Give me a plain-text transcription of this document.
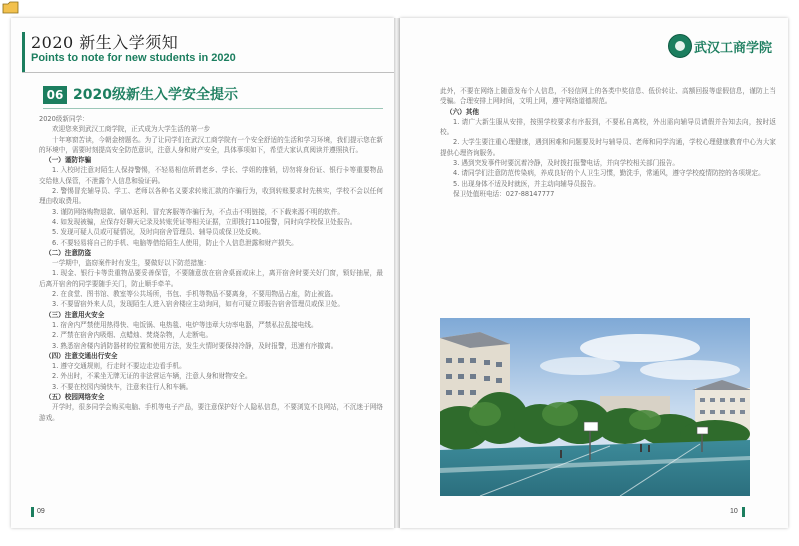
2020 新生入学须知
Points to note for new students in 2020
06 2020级新生入学安全提示

2020级新同学：

欢迎您来到武汉工商学院，正式成为大学生活的第一步

十年寒窗苦读，今朝金榜题名。为了让同学们在武汉工商学院有一个安全舒适的生活和学习环境，我们提示您在新的环境中，需要时刻提高安全防范意识，注意人身和财产安全，具体事项如下，希望大家认真阅读并遵照执行。

（一）谨防诈骗

1. 入校时注意对陌生人保持警惕，不轻易相信所谓老乡、学长、学姐的推销，切勿将身份证、银行卡等重要物品交给他人保管，不泄露个人信息和验证码。

2. 警惕冒充辅导员、学工、老师以各种名义要求转账汇款的诈骗行为，收到转账要求时先核实，学校不会以任何理由收取费用。

3. 谨防网络购物退款、刷单返利、冒充客服等诈骗行为，不点击不明链接，不下载来源不明的软件。

4. 如发现被骗，应保存好聊天记录及转账凭证等相关证据，立即拨打110报警，同时向学校保卫处报告。

5. 发现可疑人员或可疑情况，及时向宿舍管理员、辅导员或保卫处反映。

6. 不要轻易将自己的手机、电脑等借给陌生人使用，防止个人信息泄露和财产损失。

（二）注意防盗

一学期中，盗窃案件时有发生，要做好以下防范措施：

1. 现金、银行卡等贵重物品要妥善保管，不要随意放在宿舍桌面或床上，离开宿舍时要关好门窗，锁好抽屉，最后离开宿舍的同学要随手关门，防止顺手牵羊。

2. 在食堂、图书馆、教室等公共场所，书包、手机等物品不要离身，不要用物品占座，防止被盗。

3. 不要留宿外来人员，发现陌生人进入宿舍楼应主动询问，如有可疑立即报告宿舍管理员或保卫处。

（三）注意用火安全

1. 宿舍内严禁使用热得快、电饭锅、电热毯、电炉等违章大功率电器，严禁私拉乱接电线。

2. 严禁在宿舍内吸烟、点蜡烛、焚烧杂物，人走断电。

3. 熟悉宿舍楼内消防器材的位置和使用方法，发生火情时要保持冷静，及时报警，迅速有序撤离。

（四）注意交通出行安全

1. 遵守交通规则，行走时不要边走边看手机。

2. 外出时，不乘坐无牌无证的非法营运车辆，注意人身和财物安全。

3. 不要在校园内骑快车，注意来往行人和车辆。

（五）校园网络安全

开学时，很多同学会购买电脑、手机等电子产品，要注意保护好个人隐私信息，不要浏览不良网站，不沉迷于网络游戏。

09
武汉工商学院

此外，不要在网络上随意发布个人信息，不轻信网上的各类中奖信息、低价转让、高额回报等虚假信息，谨防上当受骗。合理安排上网时间，文明上网，遵守网络道德规范。

（六）其他

1. 请广大新生服从安排，按照学校要求有序报到，不要私自离校，外出需向辅导员请假并告知去向，按时返校。

2. 大学生要注重心理健康，遇到困难和问题要及时与辅导员、老师和同学沟通，学校心理健康教育中心为大家提供心理咨询服务。

3. 遇到突发事件时要沉着冷静，及时拨打报警电话，并向学校相关部门报告。

4. 请同学们注意防范传染病，养成良好的个人卫生习惯，勤洗手，常通风，遵守学校疫情防控的各项规定。

5. 出现身体不适及时就医，并主动向辅导员报告。

保卫处值班电话：027-88147777

10
